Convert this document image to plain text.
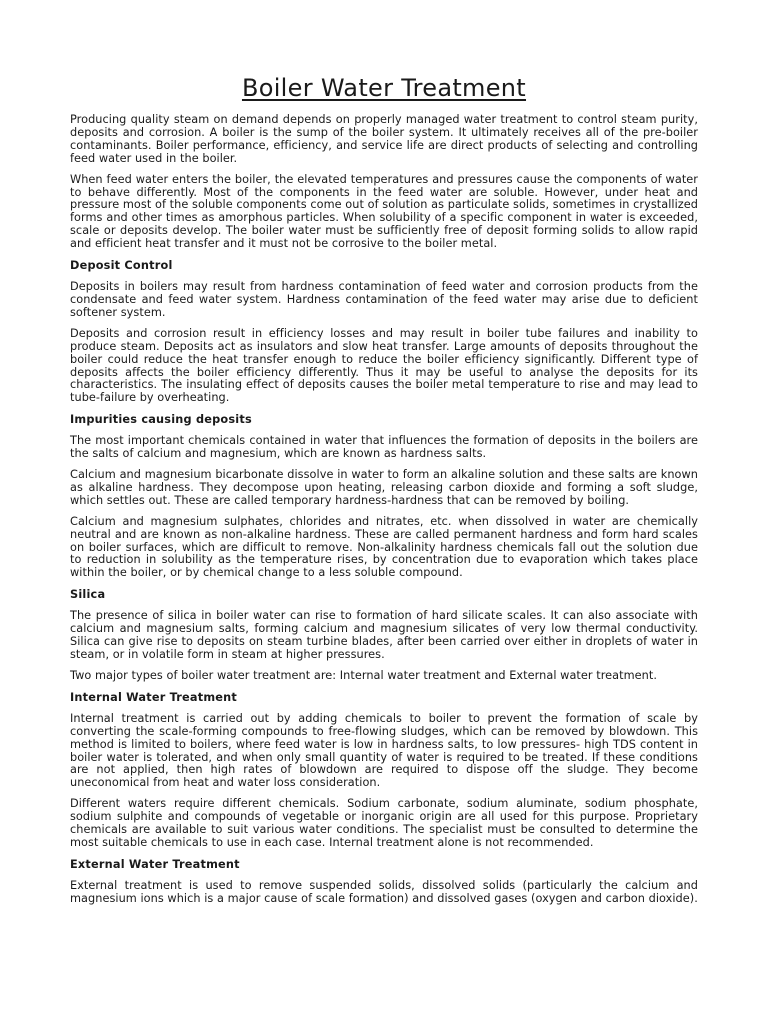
Boiler Water Treatment

Producing quality steam on demand depends on properly managed water treatment to control steam purity, deposits and corrosion. A boiler is the sump of the boiler system. It ultimately receives all of the pre-boiler contaminants. Boiler performance, efficiency, and service life are direct products of selecting and controlling feed water used in the boiler.

When feed water enters the boiler, the elevated temperatures and pressures cause the components of water to behave differently. Most of the components in the feed water are soluble. However, under heat and pressure most of the soluble components come out of solution as particulate solids, sometimes in crystallized forms and other times as amorphous particles. When solubility of a specific component in water is exceeded, scale or deposits develop. The boiler water must be sufficiently free of deposit forming solids to allow rapid and efficient heat transfer and it must not be corrosive to the boiler metal.

Deposit Control

Deposits in boilers may result from hardness contamination of feed water and corrosion products from the condensate and feed water system. Hardness contamination of the feed water may arise due to deficient softener system.

Deposits and corrosion result in efficiency losses and may result in boiler tube failures and inability to produce steam. Deposits act as insulators and slow heat transfer. Large amounts of deposits throughout the boiler could reduce the heat transfer enough to reduce the boiler efficiency significantly. Different type of deposits affects the boiler efficiency differently. Thus it may be useful to analyse the deposits for its characteristics. The insulating effect of deposits causes the boiler metal temperature to rise and may lead to tube-failure by overheating.

Impurities causing deposits

The most important chemicals contained in water that influences the formation of deposits in the boilers are the salts of calcium and magnesium, which are known as hardness salts.

Calcium and magnesium bicarbonate dissolve in water to form an alkaline solution and these salts are known as alkaline hardness. They decompose upon heating, releasing carbon dioxide and forming a soft sludge, which settles out. These are called temporary hardness-hardness that can be removed by boiling.

Calcium and magnesium sulphates, chlorides and nitrates, etc. when dissolved in water are chemically neutral and are known as non-alkaline hardness. These are called permanent hardness and form hard scales on boiler surfaces, which are difficult to remove. Non-alkalinity hardness chemicals fall out the solution due to reduction in solubility as the temperature rises, by concentration due to evaporation which takes place within the boiler, or by chemical change to a less soluble compound.

Silica

The presence of silica in boiler water can rise to formation of hard silicate scales. It can also associate with calcium and magnesium salts, forming calcium and magnesium silicates of very low thermal conductivity. Silica can give rise to deposits on steam turbine blades, after been carried over either in droplets of water in steam, or in volatile form in steam at higher pressures.

Two major types of boiler water treatment are: Internal water treatment and External water treatment.

Internal Water Treatment

Internal treatment is carried out by adding chemicals to boiler to prevent the formation of scale by converting the scale-forming compounds to free-flowing sludges, which can be removed by blowdown. This method is limited to boilers, where feed water is low in hardness salts, to low pressures- high TDS content in boiler water is tolerated, and when only small quantity of water is required to be treated. If these conditions are not applied, then high rates of blowdown are required to dispose off the sludge. They become uneconomical from heat and water loss consideration.

Different waters require different chemicals. Sodium carbonate, sodium aluminate, sodium phosphate, sodium sulphite and compounds of vegetable or inorganic origin are all used for this purpose. Proprietary chemicals are available to suit various water conditions. The specialist must be consulted to determine the most suitable chemicals to use in each case. Internal treatment alone is not recommended.

External Water Treatment

External treatment is used to remove suspended solids, dissolved solids (particularly the calcium and magnesium ions which is a major cause of scale formation) and dissolved gases (oxygen and carbon dioxide).
